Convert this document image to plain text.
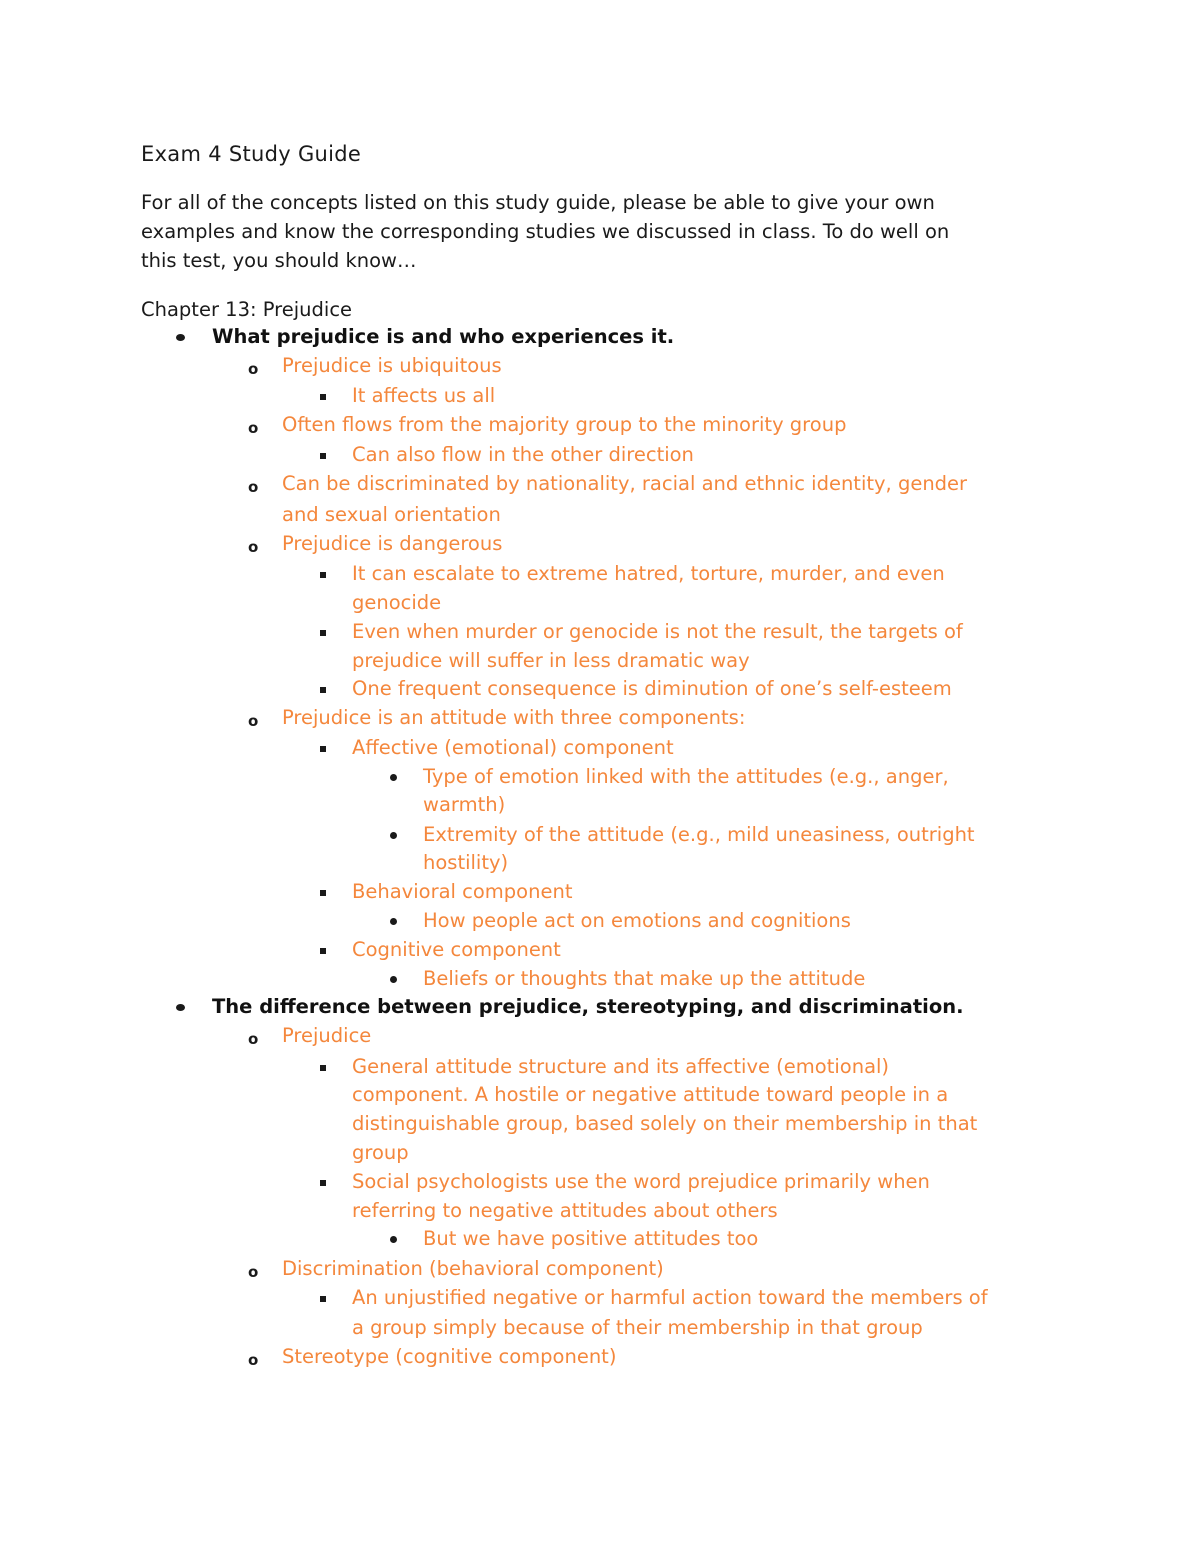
Exam 4 Study Guide
For all of the concepts listed on this study guide, please be able to give your own
examples and know the corresponding studies we discussed in class. To do well on
this test, you should know…
Chapter 13: Prejudice
What prejudice is and who experiences it.
o Prejudice is ubiquitous
It affects us all
o Often flows from the majority group to the minority group
Can also flow in the other direction
o Can be discriminated by nationality, racial and ethnic identity, gender
and sexual orientation
o Prejudice is dangerous
It can escalate to extreme hatred, torture, murder, and even
genocide
Even when murder or genocide is not the result, the targets of
prejudice will suffer in less dramatic way
One frequent consequence is diminution of one’s self-esteem
o Prejudice is an attitude with three components:
Affective (emotional) component
Type of emotion linked with the attitudes (e.g., anger,
warmth)
Extremity of the attitude (e.g., mild uneasiness, outright
hostility)
Behavioral component
How people act on emotions and cognitions
Cognitive component
Beliefs or thoughts that make up the attitude
The difference between prejudice, stereotyping, and discrimination.
o Prejudice
General attitude structure and its affective (emotional)
component. A hostile or negative attitude toward people in a
distinguishable group, based solely on their membership in that
group
Social psychologists use the word prejudice primarily when
referring to negative attitudes about others
But we have positive attitudes too
o Discrimination (behavioral component)
An unjustified negative or harmful action toward the members of
a group simply because of their membership in that group
o Stereotype (cognitive component)
